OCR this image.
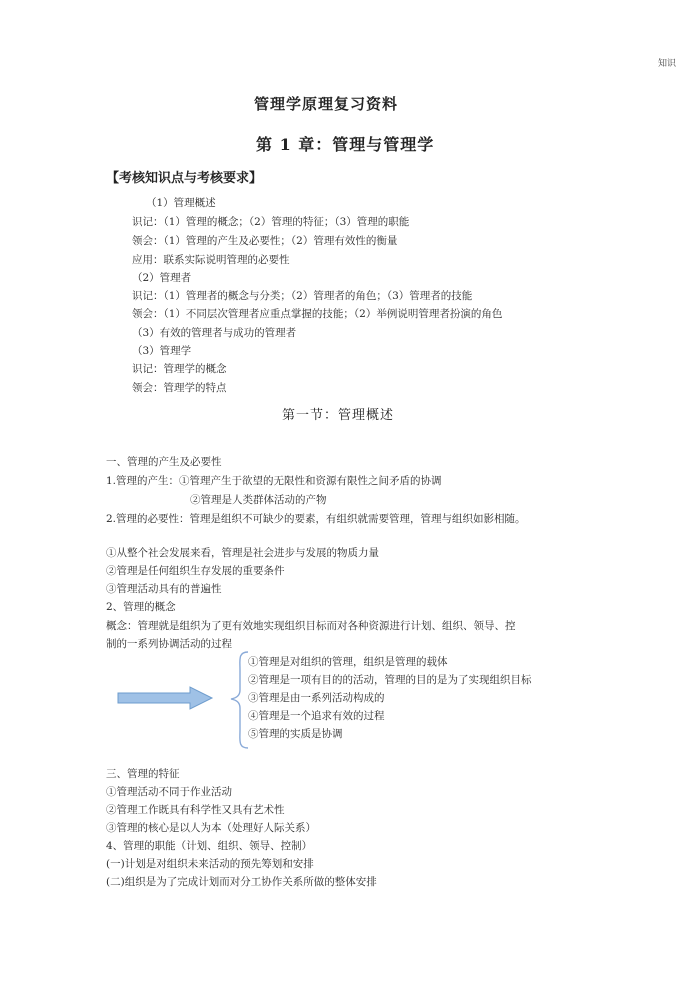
知识
管理学原理复习资料
第 1 章：管理与管理学
【考核知识点与考核要求】
（1）管理概述
识记：（1）管理的概念；（2）管理的特征；（3）管理的职能
领会：（1）管理的产生及必要性；（2）管理有效性的衡量
应用：联系实际说明管理的必要性
（2）管理者
识记：（1）管理者的概念与分类；（2）管理者的角色；（3）管理者的技能
领会：（1）不同层次管理者应重点掌握的技能；（2）举例说明管理者扮演的角色
（3）有效的管理者与成功的管理者
（3）管理学
识记：管理学的概念
领会：管理学的特点
第一节：管理概述
一、管理的产生及必要性
1.管理的产生：①管理产生于欲望的无限性和资源有限性之间矛盾的协调
②管理是人类群体活动的产物
2.管理的必要性：管理是组织不可缺少的要素，有组织就需要管理，管理与组织如影相随。
①从整个社会发展来看，管理是社会进步与发展的物质力量
②管理是任何组织生存发展的重要条件
③管理活动具有的普遍性
2、管理的概念
概念：管理就是组织为了更有效地实现组织目标而对各种资源进行计划、组织、领导、控
制的一系列协调活动的过程
①管理是对组织的管理，组织是管理的载体
②管理是一项有目的的活动，管理的目的是为了实现组织目标
③管理是由一系列活动构成的
④管理是一个追求有效的过程
⑤管理的实质是协调
三、管理的特征
①管理活动不同于作业活动
②管理工作既具有科学性又具有艺术性
③管理的核心是以人为本（处理好人际关系）
4、管理的职能（计划、组织、领导、控制）
(一)计划是对组织未来活动的预先筹划和安排
(二)组织是为了完成计划而对分工协作关系所做的整体安排
